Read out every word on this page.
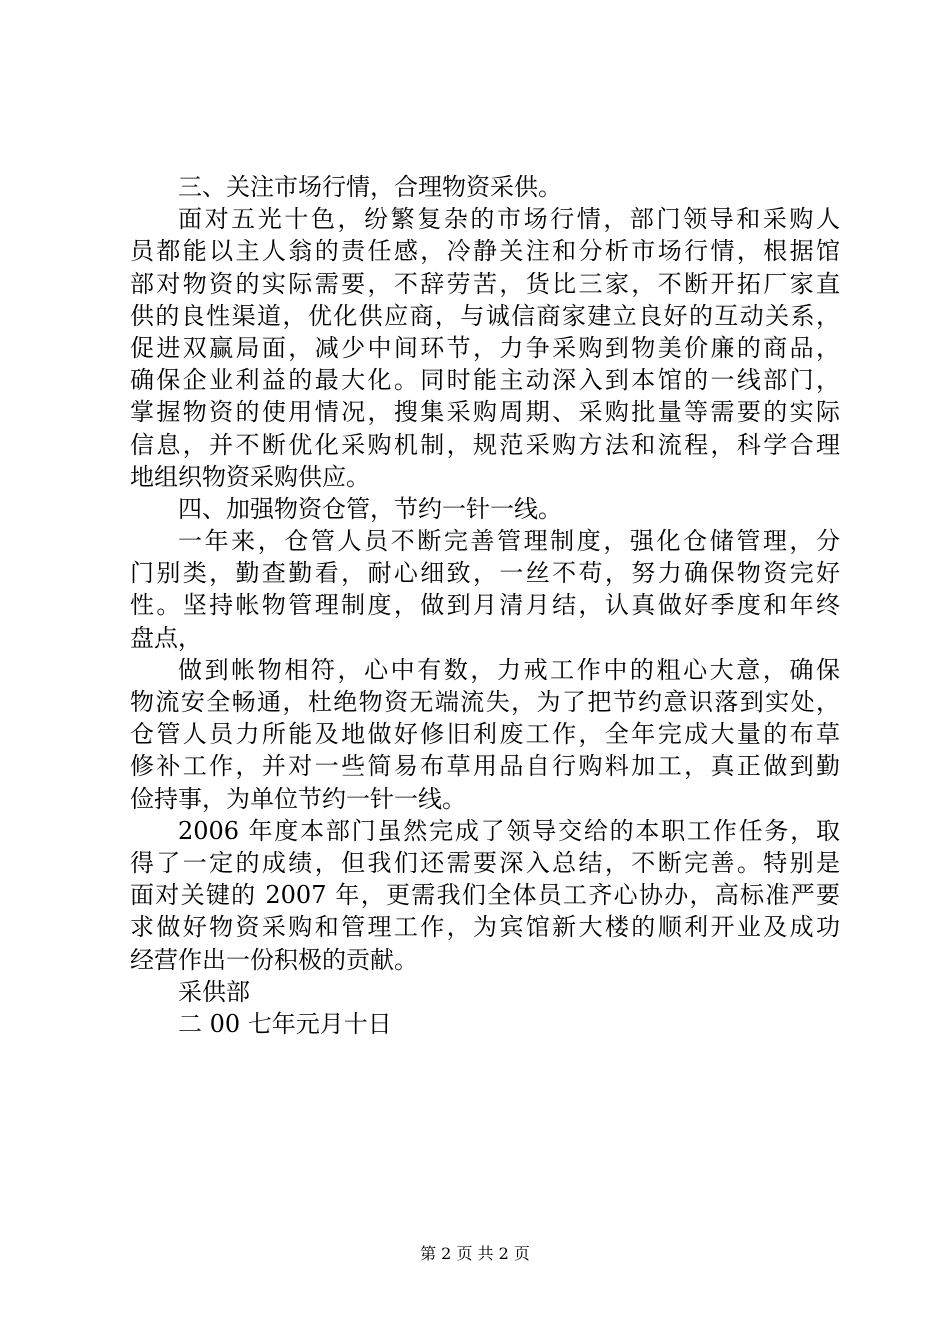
三、关注市场行情，合理物资采供。
面对五光十色，纷繁复杂的市场行情，部门领导和采购人
员都能以主人翁的责任感，冷静关注和分析市场行情，根据馆
部对物资的实际需要，不辞劳苦，货比三家，不断开拓厂家直
供的良性渠道，优化供应商，与诚信商家建立良好的互动关系，
促进双赢局面，减少中间环节，力争采购到物美价廉的商品，
确保企业利益的最大化。同时能主动深入到本馆的一线部门，
掌握物资的使用情况，搜集采购周期、采购批量等需要的实际
信息，并不断优化采购机制，规范采购方法和流程，科学合理
地组织物资采购供应。
四、加强物资仓管，节约一针一线。
一年来，仓管人员不断完善管理制度，强化仓储管理，分
门别类，勤查勤看，耐心细致，一丝不苟，努力确保物资完好
性。坚持帐物管理制度，做到月清月结，认真做好季度和年终
盘点，
做到帐物相符，心中有数，力戒工作中的粗心大意，确保
物流安全畅通，杜绝物资无端流失，为了把节约意识落到实处，
仓管人员力所能及地做好修旧利废工作，全年完成大量的布草
修补工作，并对一些简易布草用品自行购料加工，真正做到勤
俭持事，为单位节约一针一线。
2006 年度本部门虽然完成了领导交给的本职工作任务，取
得了一定的成绩，但我们还需要深入总结，不断完善。特别是
面对关键的 2007 年，更需我们全体员工齐心协办，高标准严要
求做好物资采购和管理工作，为宾馆新大楼的顺利开业及成功
经营作出一份积极的贡献。
采供部
二 00 七年元月十日
第 2 页 共 2 页
